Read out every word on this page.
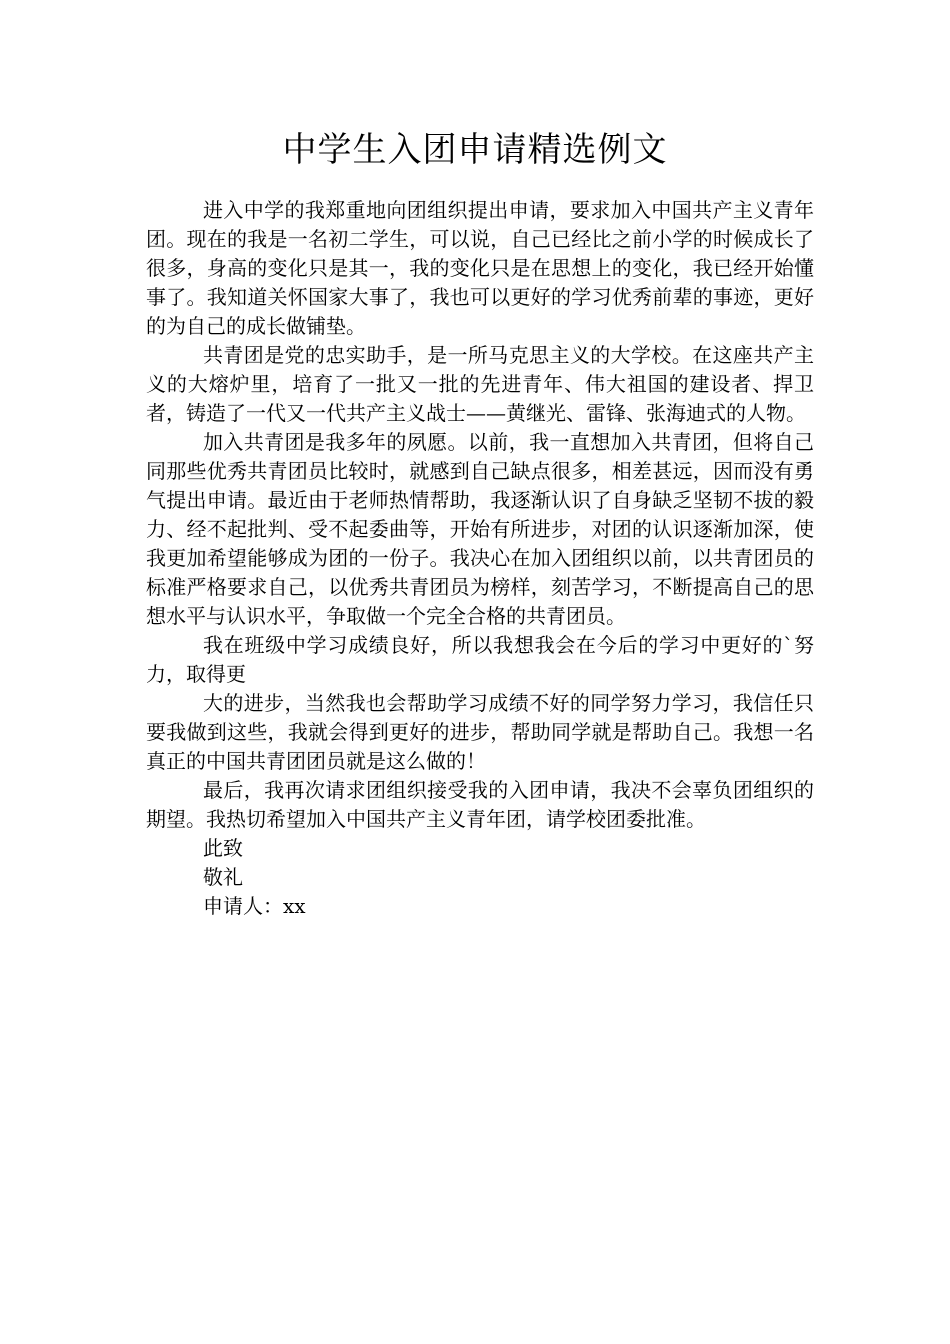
中学生入团申请精选例文

进入中学的我郑重地向团组织提出申请，要求加入中国共产主义青年团。现在的我是一名初二学生，可以说，自己已经比之前小学的时候成长了很多，身高的变化只是其一，我的变化只是在思想上的变化，我已经开始懂事了。我知道关怀国家大事了，我也可以更好的学习优秀前辈的事迹，更好的为自己的成长做铺垫。

共青团是党的忠实助手，是一所马克思主义的大学校。在这座共产主义的大熔炉里，培育了一批又一批的先进青年、伟大祖国的建设者、捍卫者，铸造了一代又一代共产主义战士——黄继光、雷锋、张海迪式的人物。

加入共青团是我多年的夙愿。以前，我一直想加入共青团，但将自己同那些优秀共青团员比较时，就感到自己缺点很多，相差甚远，因而没有勇气提出申请。最近由于老师热情帮助，我逐渐认识了自身缺乏坚韧不拔的毅力、经不起批判、受不起委曲等，开始有所进步，对团的认识逐渐加深，使我更加希望能够成为团的一份子。我决心在加入团组织以前，以共青团员的标准严格要求自己，以优秀共青团员为榜样，刻苦学习，不断提高自己的思想水平与认识水平，争取做一个完全合格的共青团员。

我在班级中学习成绩良好，所以我想我会在今后的学习中更好的`努力，取得更

大的进步，当然我也会帮助学习成绩不好的同学努力学习，我信任只要我做到这些，我就会得到更好的进步，帮助同学就是帮助自己。我想一名真正的中国共青团团员就是这么做的！

最后，我再次请求团组织接受我的入团申请，我决不会辜负团组织的期望。我热切希望加入中国共产主义青年团，请学校团委批准。

此致

敬礼

申请人：xx
